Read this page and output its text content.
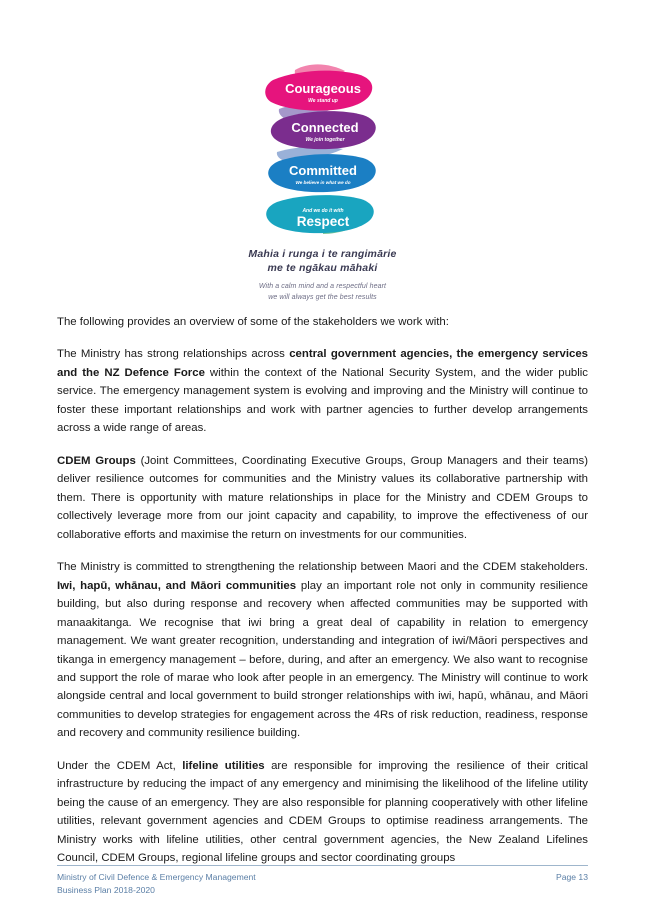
Courageous
We stand up
Connected
We join together
Committed
We believe in what we do
And we do it with
Respect
Mahia i runga i te rangimārie
me te ngākau māhaki
With a calm mind and a respectful heart
we will always get the best results

The following provides an overview of some of the stakeholders we work with:

The Ministry has strong relationships across central government agencies, the emergency services and the NZ Defence Force within the context of the National Security System, and the wider public service. The emergency management system is evolving and improving and the Ministry will continue to foster these important relationships and work with partner agencies to further develop arrangements across a wide range of areas.

CDEM Groups (Joint Committees, Coordinating Executive Groups, Group Managers and their teams) deliver resilience outcomes for communities and the Ministry values its collaborative partnership with them. There is opportunity with mature relationships in place for the Ministry and CDEM Groups to collectively leverage more from our joint capacity and capability, to improve the effectiveness of our collaborative efforts and maximise the return on investments for our communities.

The Ministry is committed to strengthening the relationship between Maori and the CDEM stakeholders. Iwi, hapū, whānau, and Māori communities play an important role not only in community resilience building, but also during response and recovery when affected communities may be supported with manaakitanga. We recognise that iwi bring a great deal of capability in relation to emergency management. We want greater recognition, understanding and integration of iwi/Māori perspectives and tikanga in emergency management – before, during, and after an emergency. We also want to recognise and support the role of marae who look after people in an emergency. The Ministry will continue to work alongside central and local government to build stronger relationships with iwi, hapū, whānau, and Māori communities to develop strategies for engagement across the 4Rs of risk reduction, readiness, response and recovery and community resilience building.

Under the CDEM Act, lifeline utilities are responsible for improving the resilience of their critical infrastructure by reducing the impact of any emergency and minimising the likelihood of the lifeline utility being the cause of an emergency. They are also responsible for planning cooperatively with other lifeline utilities, relevant government agencies and CDEM Groups to optimise readiness arrangements. The Ministry works with lifeline utilities, other central government agencies, the New Zealand Lifelines Council, CDEM Groups, regional lifeline groups and sector coordinating groups

Ministry of Civil Defence & Emergency Management
Business Plan 2018-2020
Page 13
